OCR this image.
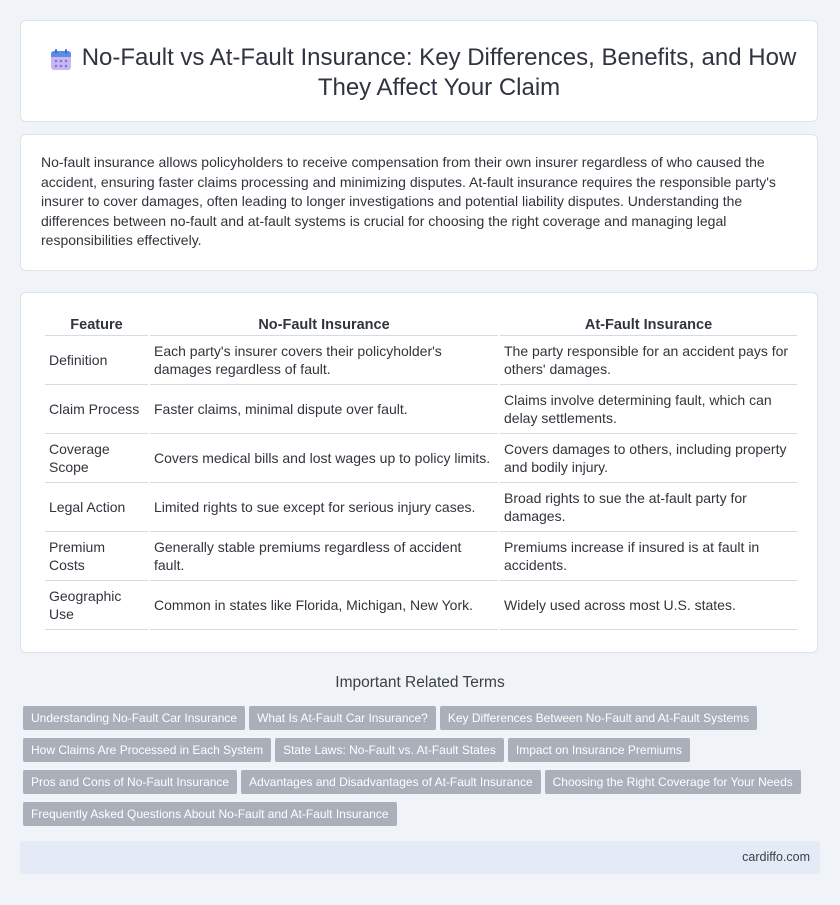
No-Fault vs At-Fault Insurance: Key Differences, Benefits, and How They Affect Your Claim

No-fault insurance allows policyholders to receive compensation from their own insurer regardless of who caused the accident, ensuring faster claims processing and minimizing disputes. At-fault insurance requires the responsible party's insurer to cover damages, often leading to longer investigations and potential liability disputes. Understanding the differences between no-fault and at-fault systems is crucial for choosing the right coverage and managing legal responsibilities effectively.

Feature	No-Fault Insurance	At-Fault Insurance
Definition	Each party's insurer covers their policyholder's damages regardless of fault.	The party responsible for an accident pays for others' damages.
Claim Process	Faster claims, minimal dispute over fault.	Claims involve determining fault, which can delay settlements.
Coverage Scope	Covers medical bills and lost wages up to policy limits.	Covers damages to others, including property and bodily injury.
Legal Action	Limited rights to sue except for serious injury cases.	Broad rights to sue the at-fault party for damages.
Premium Costs	Generally stable premiums regardless of accident fault.	Premiums increase if insured is at fault in accidents.
Geographic Use	Common in states like Florida, Michigan, New York.	Widely used across most U.S. states.
Important Related Terms
Understanding No-Fault Car Insurance What Is At-Fault Car Insurance? Key Differences Between No-Fault and At-Fault Systems
How Claims Are Processed in Each System State Laws: No-Fault vs. At-Fault States Impact on Insurance Premiums
Pros and Cons of No-Fault Insurance Advantages and Disadvantages of At-Fault Insurance Choosing the Right Coverage for Your Needs
Frequently Asked Questions About No-Fault and At-Fault Insurance
cardiffo.com
